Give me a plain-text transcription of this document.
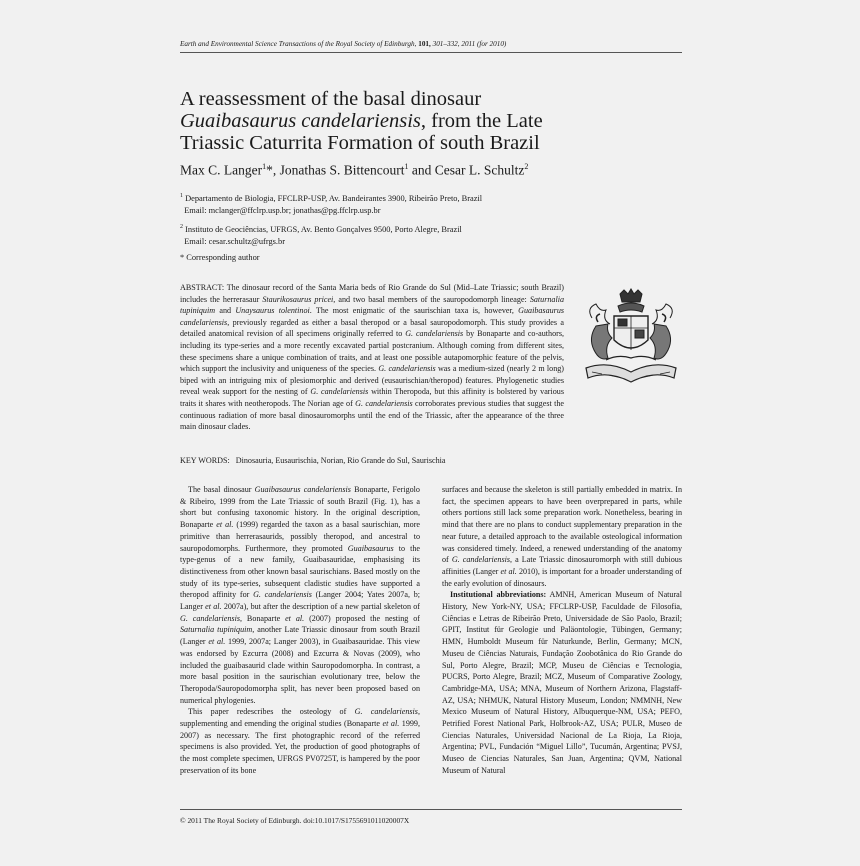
Earth and Environmental Science Transactions of the Royal Society of Edinburgh, 101, 301–332, 2011 (for 2010)
A reassessment of the basal dinosaur
Guaibasaurus candelariensis, from the Late
Triassic Caturrita Formation of south Brazil
Max C. Langer$^1$*, Jonathas S. Bittencourt$^1$ and Cesar L. Schultz$^2$
$^1$ Departamento de Biologia, FFCLRP-USP, Av. Bandeirantes 3900, Ribeirão Preto, Brazil
Email: mclanger@ffclrp.usp.br; jonathas@pg.ffclrp.usp.br
$^2$ Instituto de Geociências, UFRGS, Av. Bento Gonçalves 9500, Porto Alegre, Brazil
Email: cesar.schultz@ufrgs.br
* Corresponding author
ABSTRACT: The dinosaur record of the Santa Maria beds of Rio Grande do Sul (Mid–Late Triassic; south Brazil) includes the herrerasaur Staurikosaurus pricei, and two basal members of the sauropodomorph lineage: Saturnalia tupiniquim and Unaysaurus tolentinoi. The most enigmatic of the saurischian taxa is, however, Guaibasaurus candelariensis, previously regarded as either a basal theropod or a basal sauropodomorph. This study provides a detailed anatomical revision of all specimens originally referred to G. candelariensis by Bonaparte and co-authors, including its type-series and a more recently excavated partial postcranium. Although coming from different sites, these specimens share a unique combination of traits, and at least one possible autapomorphic feature of the pelvis, which support the inclusivity and uniqueness of the species. G. candelariensis was a medium-sized (nearly 2 m long) biped with an intriguing mix of plesiomorphic and derived (eusaurischian/theropod) features. Phylogenetic studies reveal weak support for the nesting of G. candelariensis within Theropoda, but this affinity is bolstered by various traits it shares with neotheropods. The Norian age of G. candelariensis corroborates previous studies that suggest the continuous radiation of more basal dinosauromorphs until the end of the Triassic, after the appearance of the three main dinosaur clades.
KEY WORDS: Dinosauria, Eusaurischia, Norian, Rio Grande do Sul, Saurischia

The basal dinosaur Guaibasaurus candelariensis Bonaparte, Ferigolo & Ribeiro, 1999 from the Late Triassic of south Brazil (Fig. 1), has a short but confusing taxonomic history. In the original description, Bonaparte et al. (1999) regarded the taxon as a basal saurischian, more primitive than herrerasaurids, possibly theropod, and ancestral to sauropodomorphs. Furthermore, they promoted Guaibasaurus to the type-genus of a new family, Guaibasauridae, emphasising its distinctiveness from other known basal saurischians. Based mostly on the study of its type-series, subsequent cladistic studies have supported a theropod affinity for G. candelariensis (Langer 2004; Yates 2007a, b; Langer et al. 2007a), but after the description of a new partial skeleton of G. candelariensis, Bonaparte et al. (2007) proposed the nesting of Saturnalia tupiniquim, another Late Triassic dinosaur from south Brazil (Langer et al. 1999, 2007a; Langer 2003), in Guaibasauridae. This view was endorsed by Ezcurra (2008) and Ezcurra & Novas (2009), who included the guaibasaurid clade within Sauropodomorpha. In contrast, a more basal position in the saurischian evolutionary tree, below the Theropoda/Sauropodomorpha split, has never been proposed based on numerical phylogenies.

This paper redescribes the osteology of G. candelariensis, supplementing and emending the original studies (Bonaparte et al. 1999, 2007) as necessary. The first photographic record of the referred specimens is also provided. Yet, the production of good photographs of the most complete specimen, UFRGS PV0725T, is hampered by the poor preservation of its bone

surfaces and because the skeleton is still partially embedded in matrix. In fact, the specimen appears to have been overprepared in parts, while others portions still lack some preparation work. Nonetheless, bearing in mind that there are no plans to conduct supplementary preparation in the near future, a detailed approach to the available osteological information was considered timely. Indeed, a renewed understanding of the anatomy of G. candelariensis, a Late Triassic dinosauromorph with still dubious affinities (Langer et al. 2010), is important for a broader understanding of the early evolution of dinosaurs.

Institutional abbreviations: AMNH, American Museum of Natural History, New York-NY, USA; FFCLRP-USP, Faculdade de Filosofia, Ciências e Letras de Ribeirão Preto, Universidade de São Paolo, Brazil; GPIT, Institut für Geologie und Paläontologie, Tübingen, Germany; HMN, Humboldt Museum für Naturkunde, Berlin, Germany; MCN, Museu de Ciências Naturais, Fundação Zoobotânica do Rio Grande do Sul, Porto Alegre, Brazil; MCP, Museu de Ciências e Tecnologia, PUCRS, Porto Alegre, Brazil; MCZ, Museum of Comparative Zoology, Cambridge-MA, USA; MNA, Museum of Northern Arizona, Flagstaff-AZ, USA; NHMUK, Natural History Museum, London; NMMNH, New Mexico Museum of Natural History, Albuquerque-NM, USA; PEFO, Petrified Forest National Park, Holbrook-AZ, USA; PULR, Museo de Ciencias Naturales, Universidad Nacional de La Rioja, La Rioja, Argentina; PVL, Fundación “Miguel Lillo”, Tucumán, Argentina; PVSJ, Museo de Ciencias Naturales, San Juan, Argentina; QVM, National Museum of Natural

© 2011 The Royal Society of Edinburgh. doi:10.1017/S1755691011020007X
